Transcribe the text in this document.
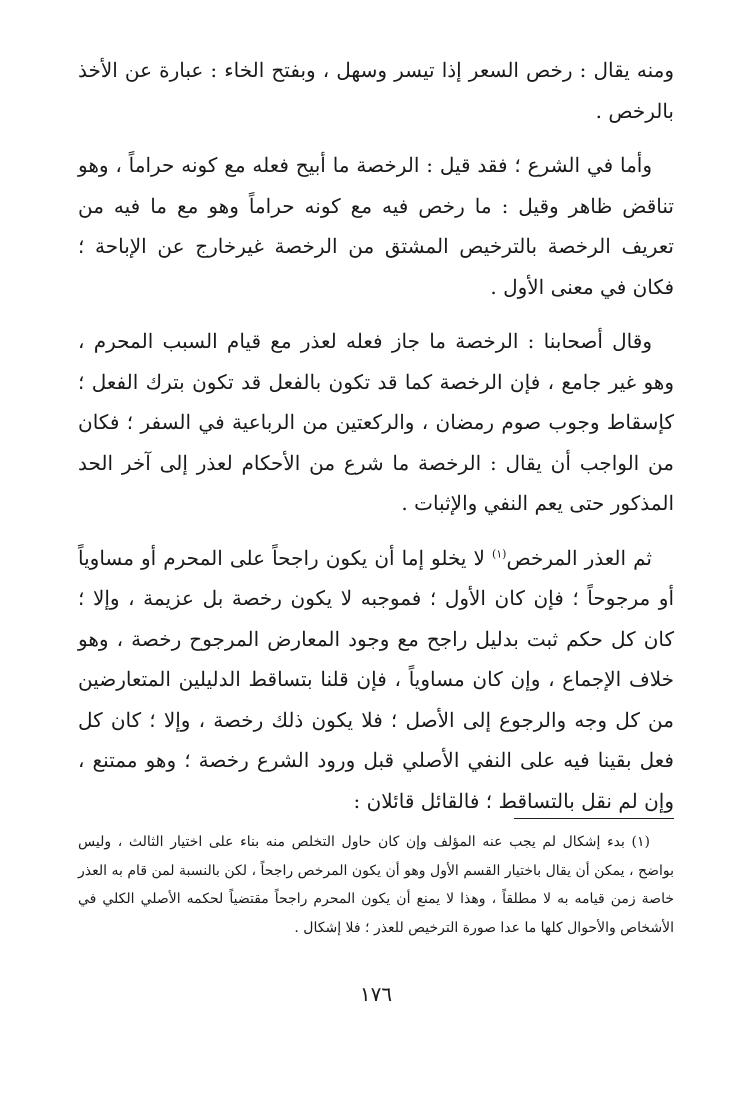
ومنه يقال : رخص السعر إذا تيسر وسهل ، وبفتح الخاء : عبارة عن الأخذ بالرخص .

وأما في الشرع ؛ فقد قيل : الرخصة ما أبيح فعله مع كونه حراماً ، وهو تناقض ظاهر وقيل : ما رخص فيه مع كونه حراماً وهو مع ما فيه من تعريف الرخصة بالترخيص المشتق من الرخصة غيرخارج عن الإباحة ؛ فكان في معنى الأول .

وقال أصحابنا : الرخصة ما جاز فعله لعذر مع قيام السبب المحرم ، وهو غير جامع ، فإن الرخصة كما قد تكون بالفعل قد تكون بترك الفعل ؛ كإسقاط وجوب صوم رمضان ، والركعتين من الرباعية في السفر ؛ فكان من الواجب أن يقال : الرخصة ما شرع من الأحكام لعذر إلى آخر الحد المذكور حتى يعم النفي والإثبات .

ثم العذر المرخص$^{(١)}$ لا يخلو إما أن يكون راجحاً على المحرم أو مساوياً أو مرجوحاً ؛ فإن كان الأول ؛ فموجبه لا يكون رخصة بل عزيمة ، وإلا ؛ كان كل حكم ثبت بدليل راجح مع وجود المعارض المرجوح رخصة ، وهو خلاف الإجماع ، وإن كان مساوياً ، فإن قلنا بتساقط الدليلين المتعارضين من كل وجه والرجوع إلى الأصل ؛ فلا يكون ذلك رخصة ، وإلا ؛ كان كل فعل بقينا فيه على النفي الأصلي قبل ورود الشرع رخصة ؛ وهو ممتنع ، وإن لم نقل بالتساقط ؛ فالقائل قائلان :

(١) بدء إشكال لم يجب عنه المؤلف وإن كان حاول التخلص منه بناء على اختيار الثالث ، وليس بواضح ، يمكن أن يقال باختيار القسم الأول وهو أن يكون المرخص راجحاً ، لكن بالنسبة لمن قام به العذر خاصة زمن قيامه به لا مطلقاً ، وهذا لا يمنع أن يكون المحرم راجحاً مقتضياً لحكمه الأصلي الكلي في الأشخاص والأحوال كلها ما عدا صورة الترخيص للعذر ؛ فلا إشكال .

١٧٦
